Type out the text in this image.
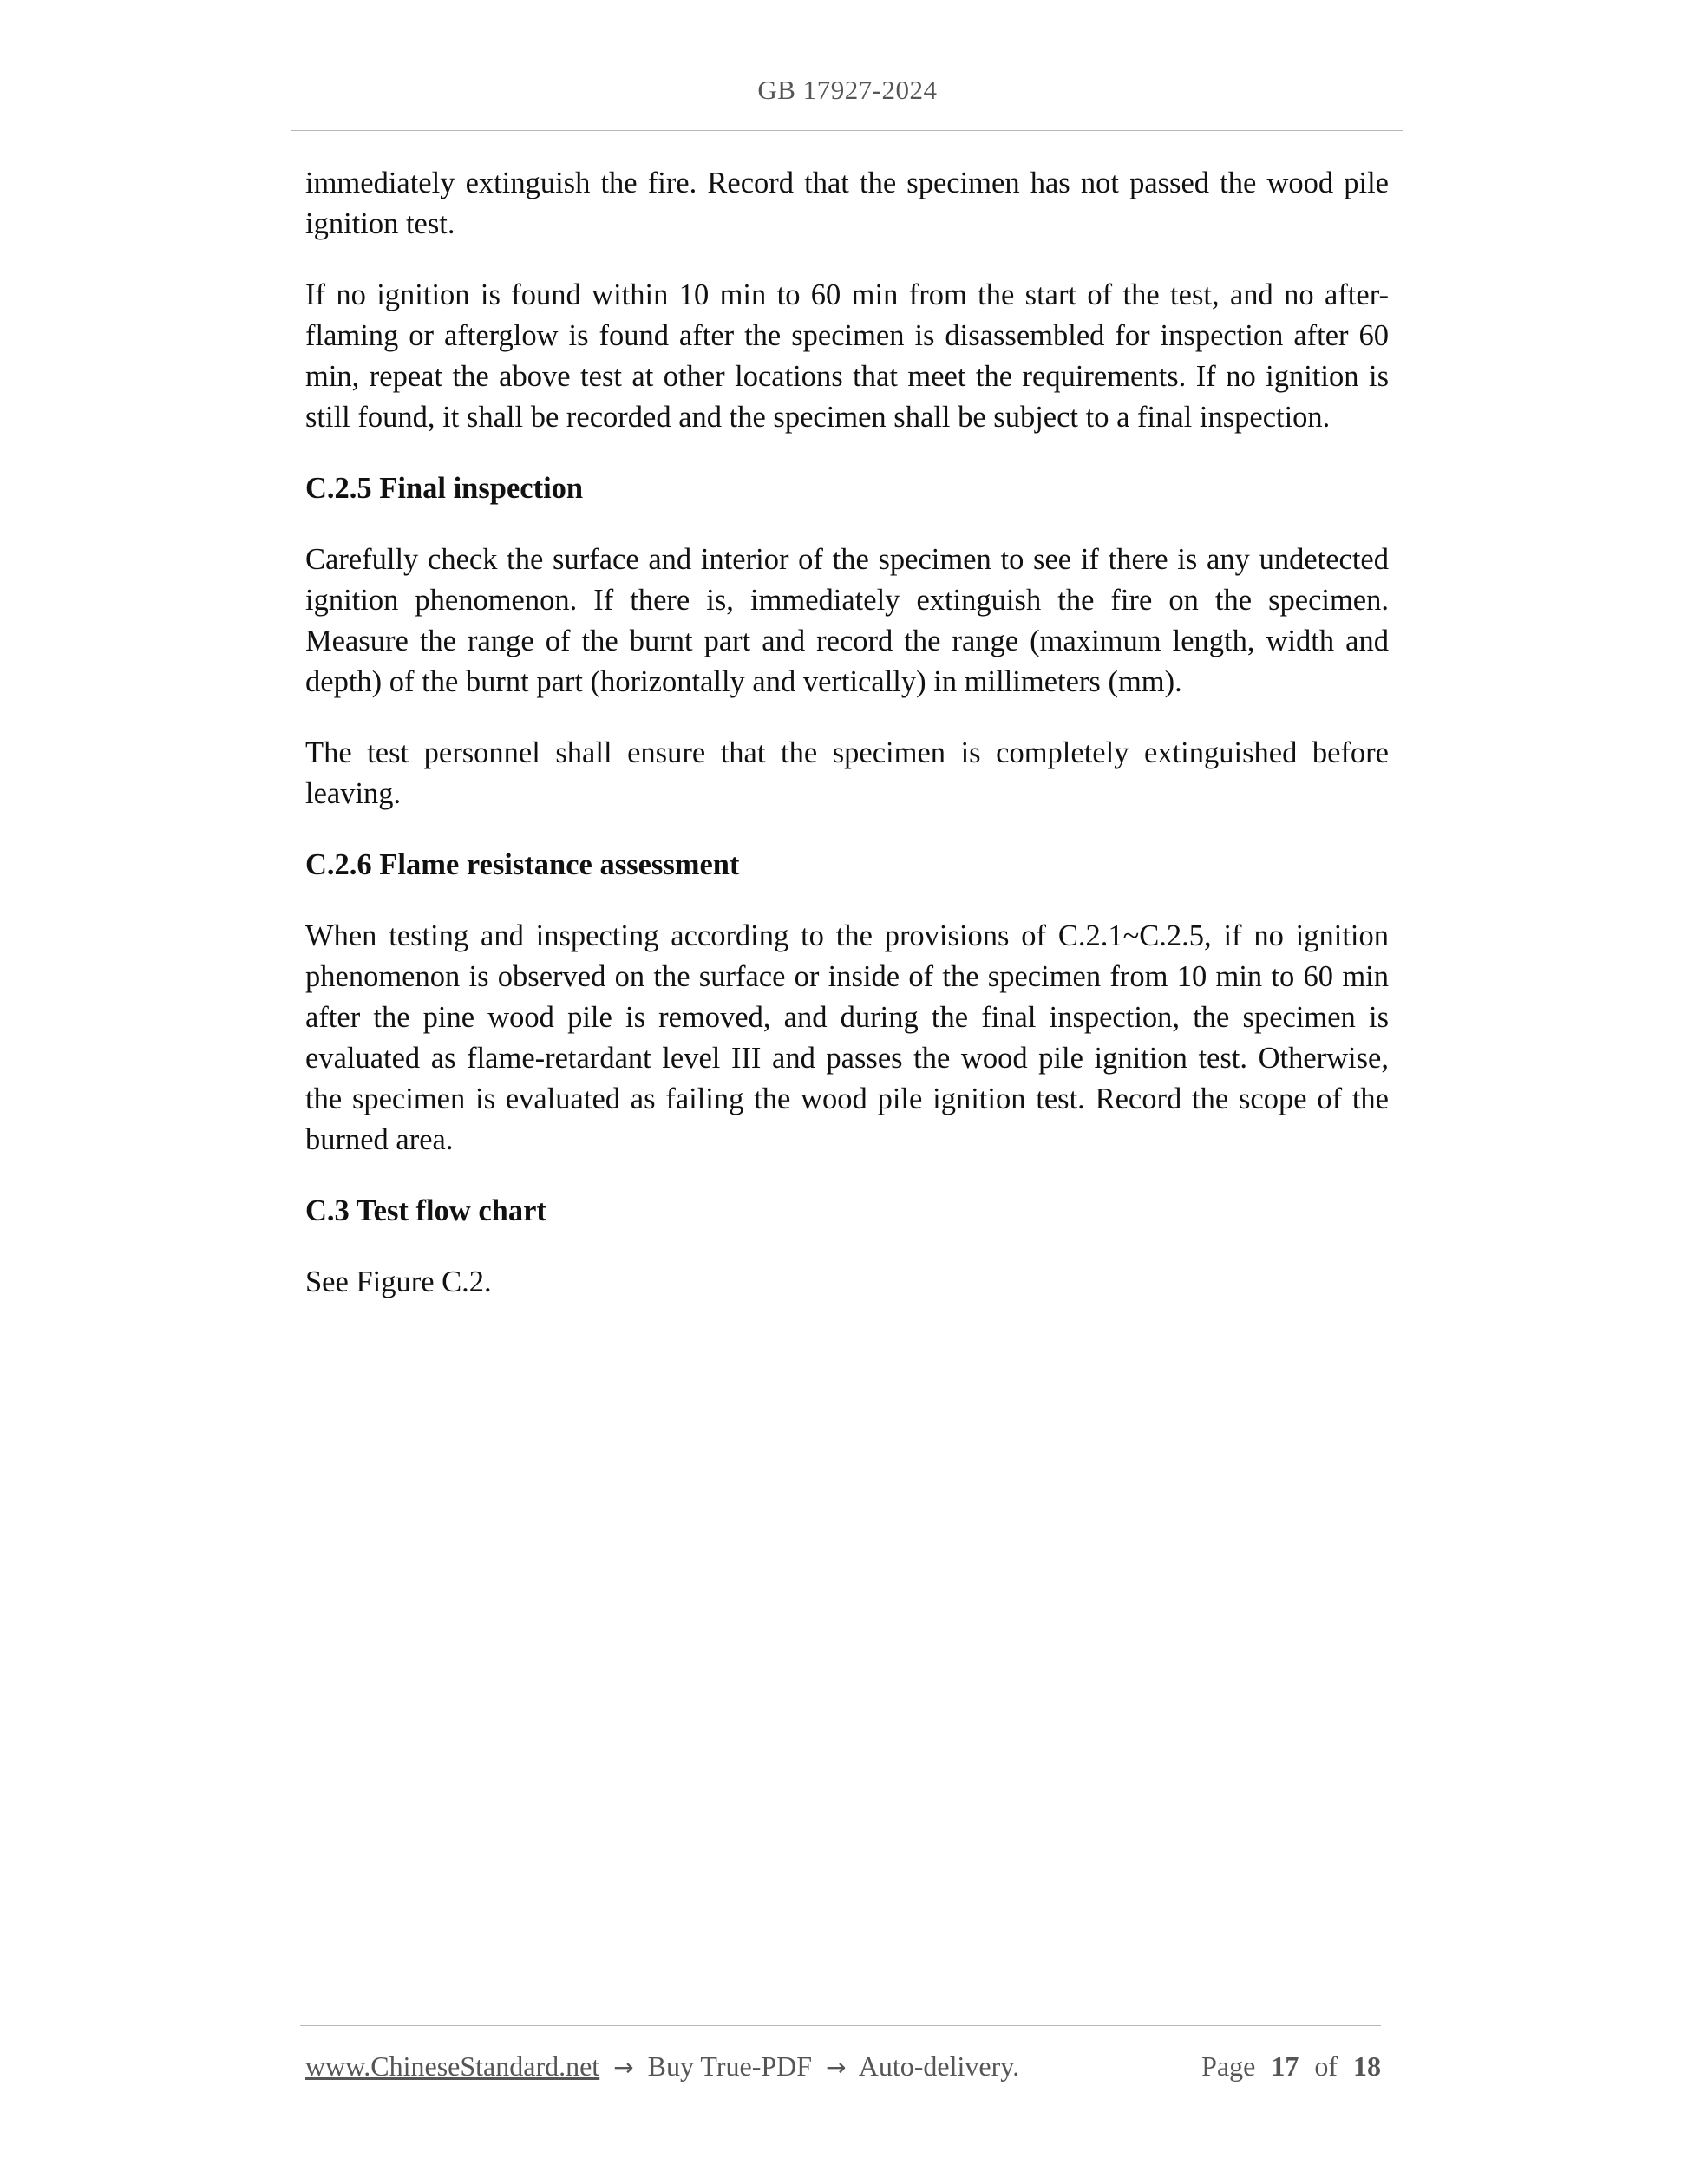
GB 17927-2024

immediately extinguish the fire. Record that the specimen has not passed the wood pile ignition test.

If no ignition is found within 10 min to 60 min from the start of the test, and no after-flaming or afterglow is found after the specimen is disassembled for inspection after 60 min, repeat the above test at other locations that meet the requirements. If no ignition is still found, it shall be recorded and the specimen shall be subject to a final inspection.

C.2.5 Final inspection

Carefully check the surface and interior of the specimen to see if there is any undetected ignition phenomenon. If there is, immediately extinguish the fire on the specimen. Measure the range of the burnt part and record the range (maximum length, width and depth) of the burnt part (horizontally and vertically) in millimeters (mm).

The test personnel shall ensure that the specimen is completely extinguished before leaving.

C.2.6 Flame resistance assessment

When testing and inspecting according to the provisions of C.2.1~C.2.5, if no ignition phenomenon is observed on the surface or inside of the specimen from 10 min to 60 min after the pine wood pile is removed, and during the final inspection, the specimen is evaluated as flame-retardant level III and passes the wood pile ignition test. Otherwise, the specimen is evaluated as failing the wood pile ignition test. Record the scope of the burned area.

C.3 Test flow chart

See Figure C.2.

www.ChineseStandard.net → Buy True-PDF → Auto-delivery.	Page 17 of 18
